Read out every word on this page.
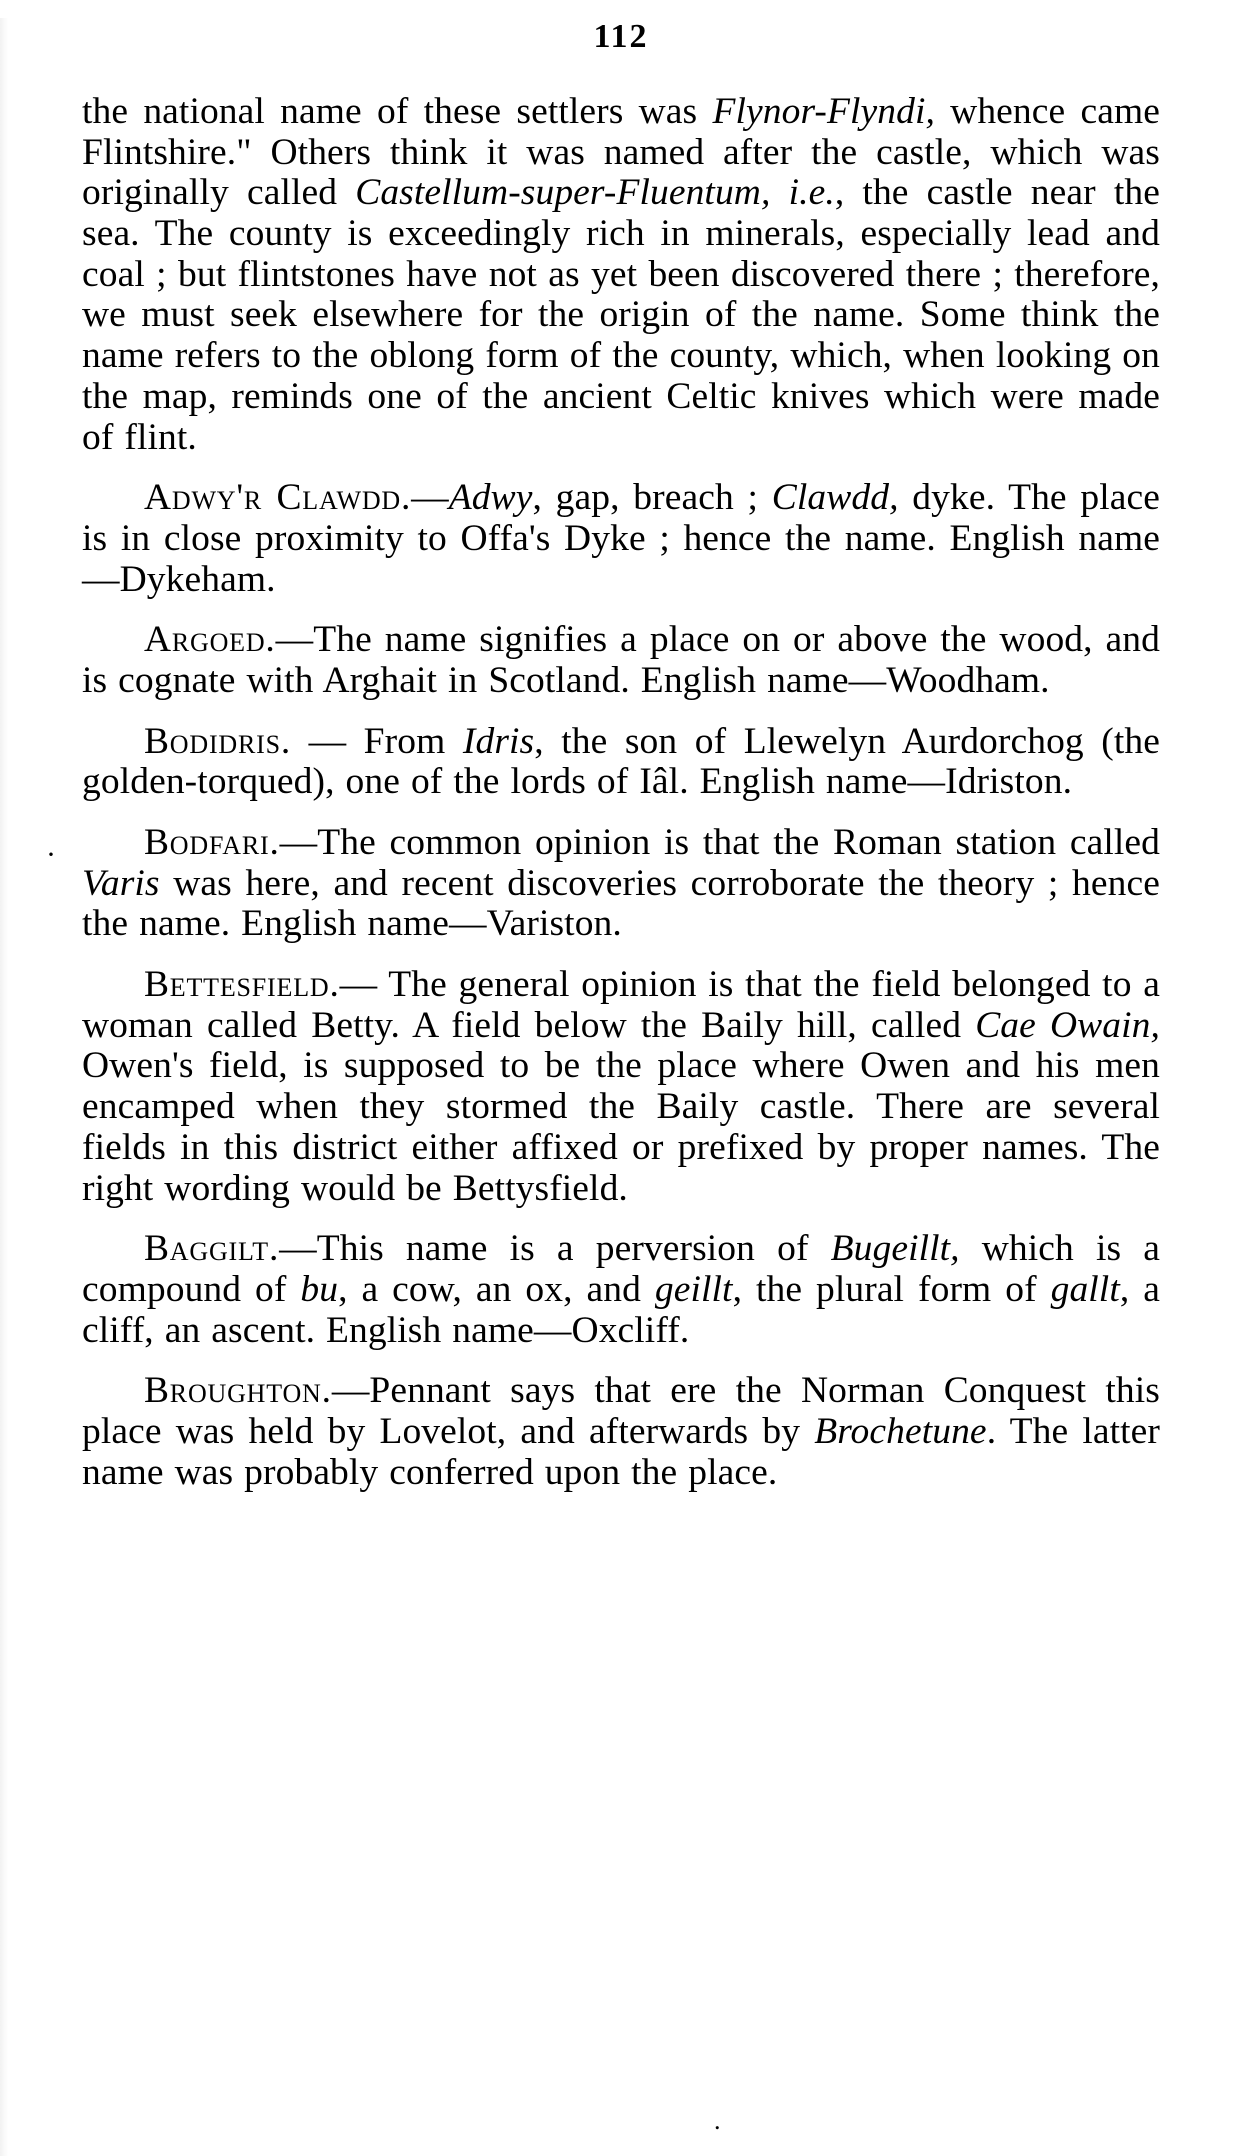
112

the national name of these settlers was Flynor-Flyndi, whence came Flintshire." Others think it was named after the castle, which was originally called Castellum-super-Fluentum, i.e., the castle near the sea. The county is exceedingly rich in minerals, especially lead and coal ; but flintstones have not as yet been discovered there ; therefore, we must seek elsewhere for the origin of the name. Some think the name refers to the oblong form of the county, which, when looking on the map, reminds one of the ancient Celtic knives which were made of flint.

Adwy'r Clawdd.—Adwy, gap, breach ; Clawdd, dyke. The place is in close proximity to Offa's Dyke ; hence the name. English name—Dykeham.

Argoed.—The name signifies a place on or above the wood, and is cognate with Arghait in Scotland. English name—Woodham.

Bodidris. — From Idris, the son of Llewelyn Aurdorchog (the golden-torqued), one of the lords of Iâl. English name—Idriston.

Bodfari.—The common opinion is that the Roman station called Varis was here, and recent discoveries corroborate the theory ; hence the name. English name—Variston.

Bettesfield.— The general opinion is that the field belonged to a woman called Betty. A field below the Baily hill, called Cae Owain, Owen's field, is supposed to be the place where Owen and his men encamped when they stormed the Baily castle. There are several fields in this district either affixed or prefixed by proper names. The right wording would be Bettysfield.

Baggilt.—This name is a perversion of Bugeillt, which is a compound of bu, a cow, an ox, and geillt, the plural form of gallt, a cliff, an ascent. English name—Oxcliff.

Broughton.—Pennant says that ere the Norman Conquest this place was held by Lovelot, and afterwards by Brochetune. The latter name was probably conferred upon the place.

·
.
